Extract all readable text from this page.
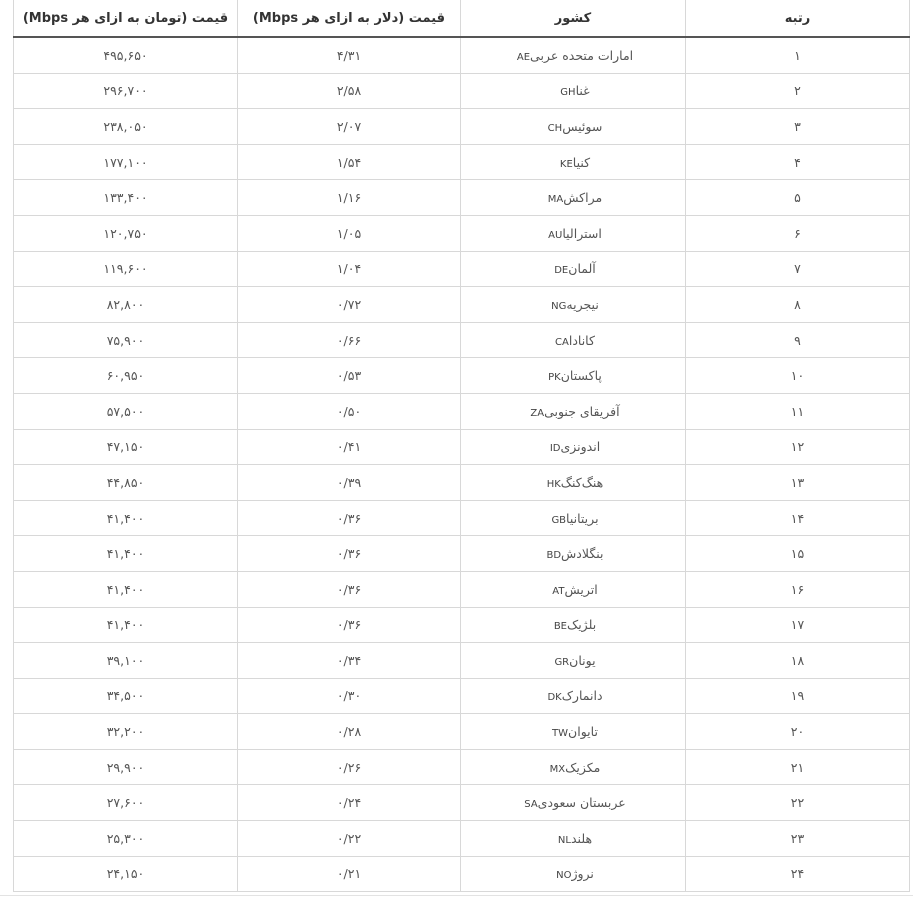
رتبه	کشور	قیمت (دلار به ازای هر Mbps)	قیمت (تومان به ازای هر Mbps)
۱	امارات متحده عربیAE	۴/۳۱	۴۹۵,۶۵۰
۲	غناGH	۲/۵۸	۲۹۶,۷۰۰
۳	سوئیسCH	۲/۰۷	۲۳۸,۰۵۰
۴	کنیاKE	۱/۵۴	۱۷۷,۱۰۰
۵	مراکشMA	۱/۱۶	۱۳۳,۴۰۰
۶	استرالیاAU	۱/۰۵	۱۲۰,۷۵۰
۷	آلمانDE	۱/۰۴	۱۱۹,۶۰۰
۸	نیجریهNG	۰/۷۲	۸۲,۸۰۰
۹	کاناداCA	۰/۶۶	۷۵,۹۰۰
۱۰	پاکستانPK	۰/۵۳	۶۰,۹۵۰
۱۱	آفریقای جنوبیZA	۰/۵۰	۵۷,۵۰۰
۱۲	اندونزیID	۰/۴۱	۴۷,۱۵۰
۱۳	هنگ‌کنگHK	۰/۳۹	۴۴,۸۵۰
۱۴	بریتانیاGB	۰/۳۶	۴۱,۴۰۰
۱۵	بنگلادشBD	۰/۳۶	۴۱,۴۰۰
۱۶	اتریشAT	۰/۳۶	۴۱,۴۰۰
۱۷	بلژیکBE	۰/۳۶	۴۱,۴۰۰
۱۸	یونانGR	۰/۳۴	۳۹,۱۰۰
۱۹	دانمارکDK	۰/۳۰	۳۴,۵۰۰
۲۰	تایوانTW	۰/۲۸	۳۲,۲۰۰
۲۱	مکزیکMX	۰/۲۶	۲۹,۹۰۰
۲۲	عربستان سعودیSA	۰/۲۴	۲۷,۶۰۰
۲۳	هلندNL	۰/۲۲	۲۵,۳۰۰
۲۴	نروژNO	۰/۲۱	۲۴,۱۵۰
